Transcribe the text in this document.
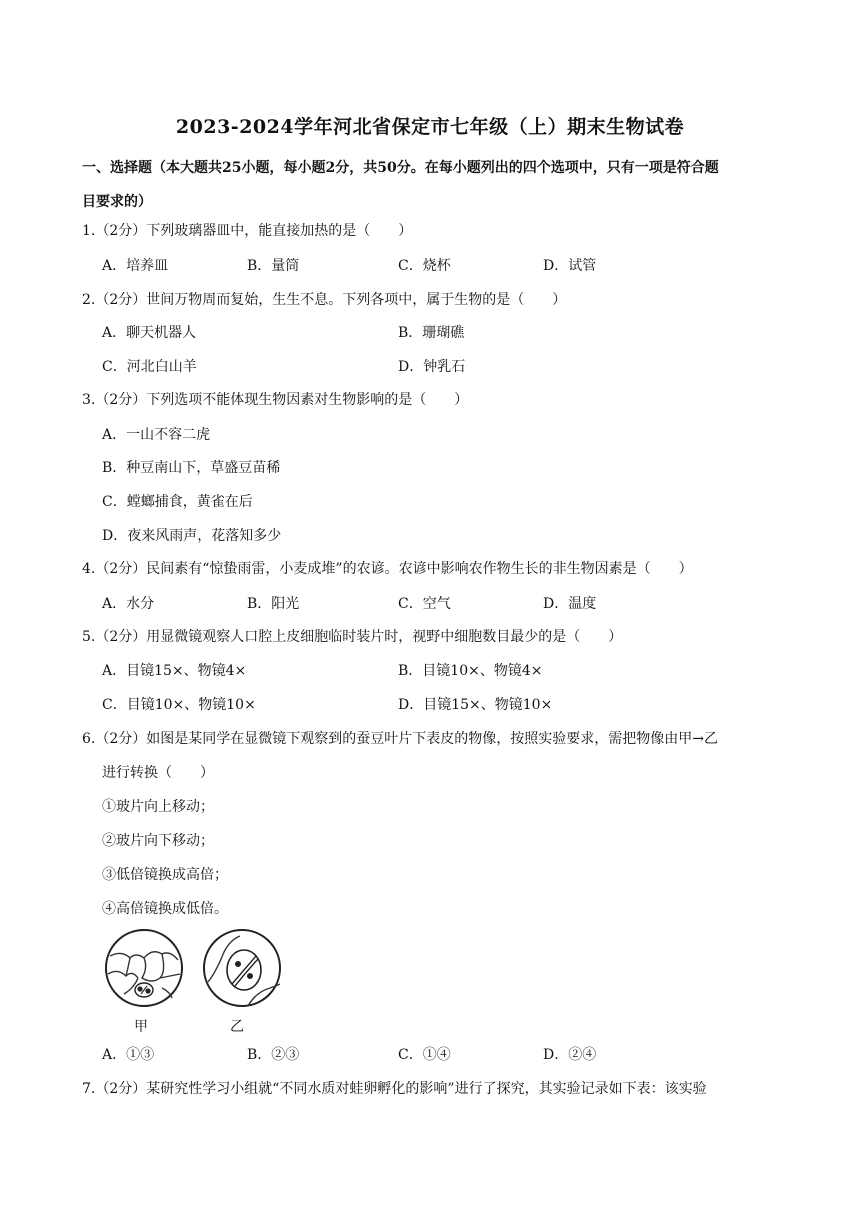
2023-2024学年河北省保定市七年级（上）期末生物试卷
一、选择题（本大题共25小题，每小题2分，共50分。在每小题列出的四个选项中，只有一项是符合题
目要求的）
1.（2分）下列玻璃器皿中，能直接加热的是（　　）
A．培养皿	B．量筒	C．烧杯	D．试管
2.（2分）世间万物周而复始，生生不息。下列各项中，属于生物的是（　　）
A．聊天机器人	B．珊瑚礁
C．河北白山羊	D．钟乳石
3.（2分）下列选项不能体现生物因素对生物影响的是（　　）
A．一山不容二虎
B．种豆南山下，草盛豆苗稀
C．螳螂捕食，黄雀在后
D．夜来风雨声，花落知多少
4.（2分）民间素有“惊蛰雨雷，小麦成堆”的农谚。农谚中影响农作物生长的非生物因素是（　　）
A．水分	B．阳光	C．空气	D．温度
5.（2分）用显微镜观察人口腔上皮细胞临时装片时，视野中细胞数目最少的是（　　）
A．目镜15×、物镜4×	B．目镜10×、物镜4×
C．目镜10×、物镜10×	D．目镜15×、物镜10×
6.（2分）如图是某同学在显微镜下观察到的蚕豆叶片下表皮的物像，按照实验要求，需把物像由甲→乙
进行转换（　　）
①玻片向上移动；
②玻片向下移动；
③低倍镜换成高倍；
④高倍镜换成低倍。
甲	乙
A．①③	B．②③	C．①④	D．②④
7.（2分）某研究性学习小组就“不同水质对蛙卵孵化的影响”进行了探究，其实验记录如下表：该实验
